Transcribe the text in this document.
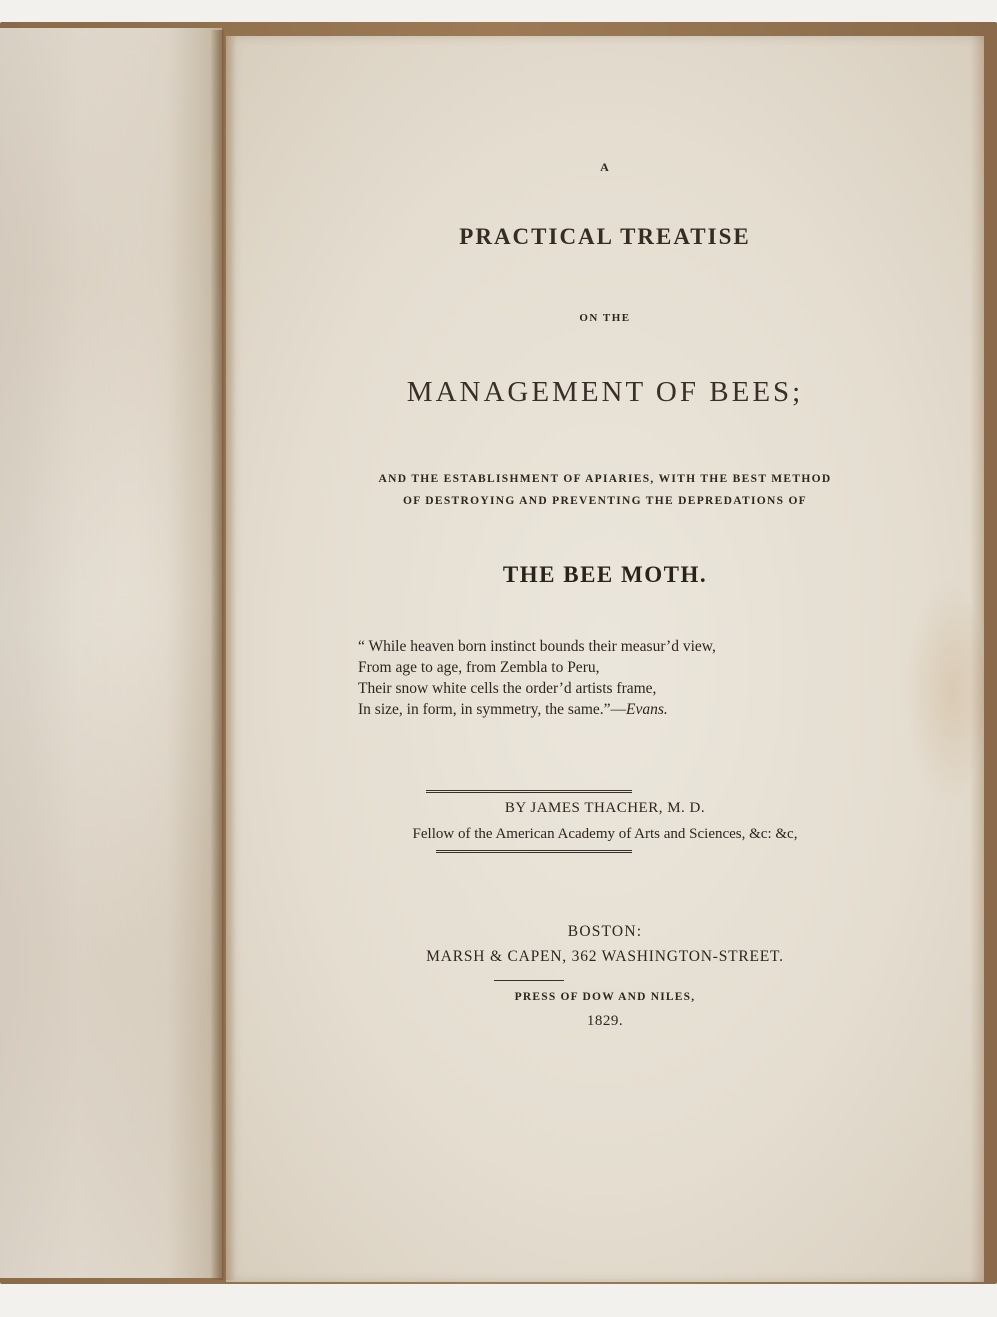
A

PRACTICAL TREATISE

ON THE

MANAGEMENT OF BEES;

AND THE ESTABLISHMENT OF APIARIES, WITH THE BEST METHOD

OF DESTROYING AND PREVENTING THE DEPREDATIONS OF

THE BEE MOTH.

“ While heaven born instinct bounds their measur’d view,
From age to age, from Zembla to Peru,
Their snow white cells the order’d artists frame,
In size, in form, in symmetry, the same.”—Evans.

BY JAMES THACHER, M. D.

Fellow of the American Academy of Arts and Sciences, &c: &c,

BOSTON:

MARSH & CAPEN, 362 WASHINGTON-STREET.

PRESS OF DOW AND NILES,

1829.
